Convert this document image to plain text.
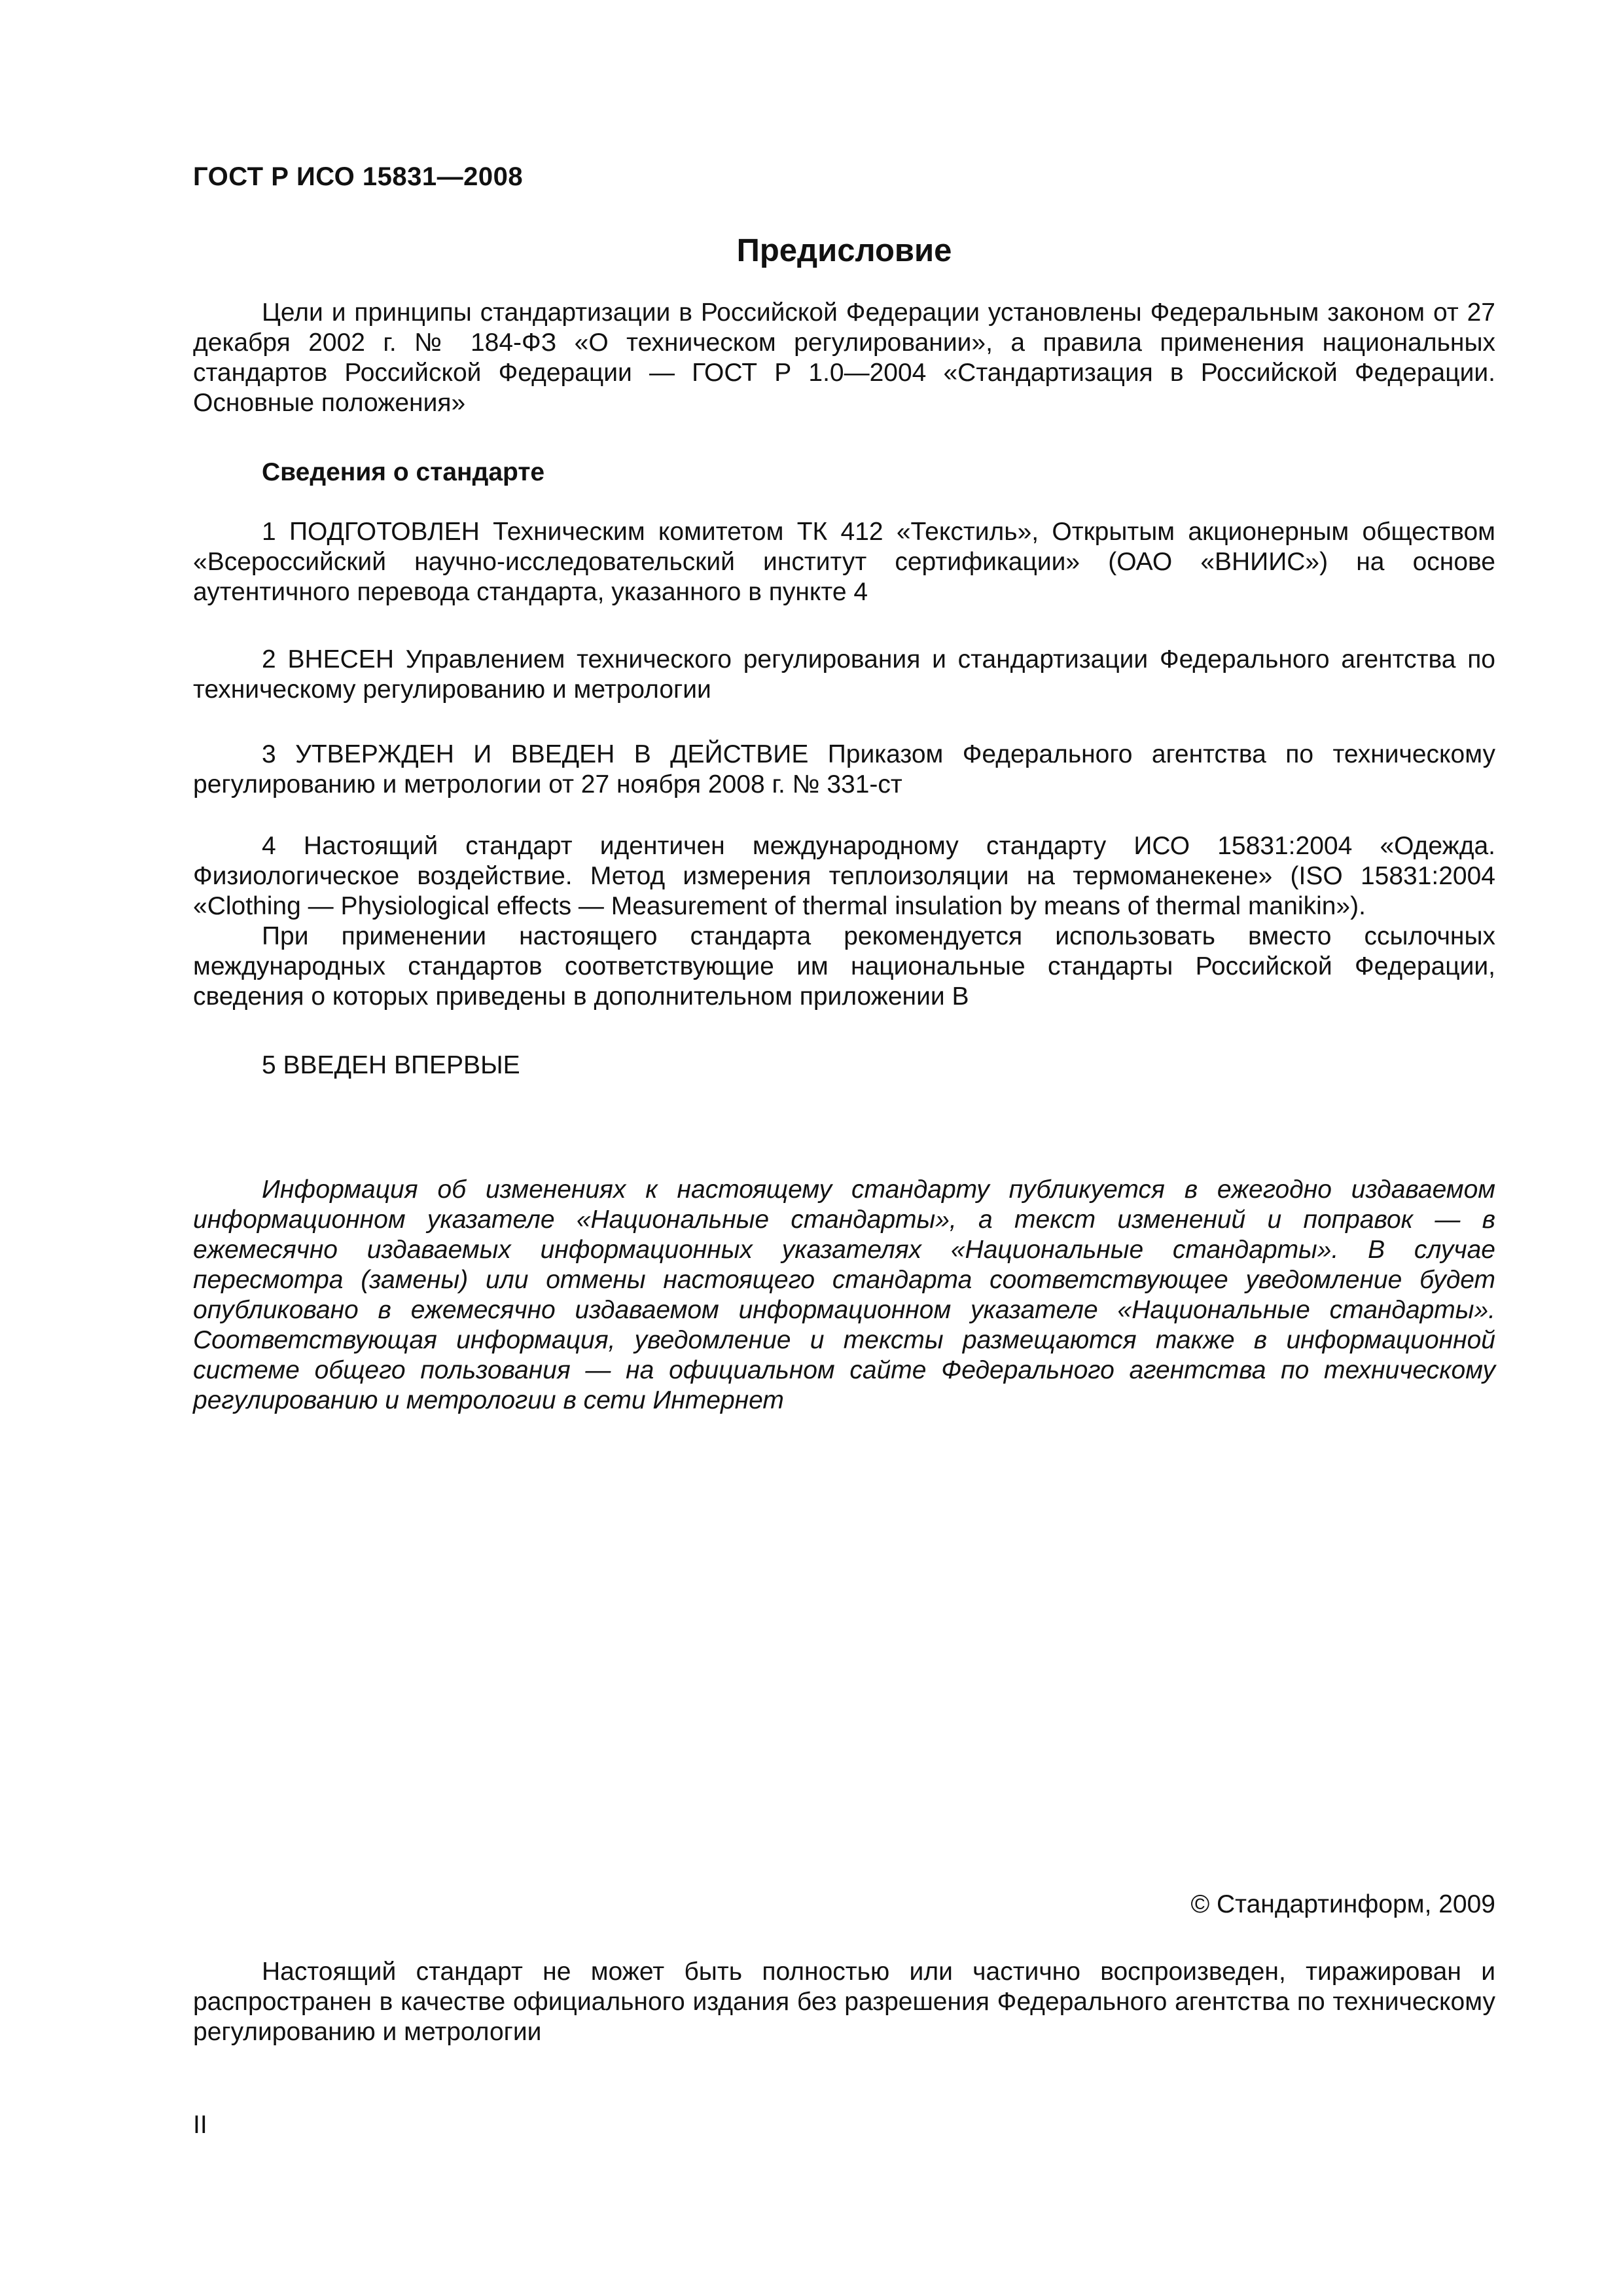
ГОСТ Р ИСО 15831—2008
Предисловие

Цели и принципы стандартизации в Российской Федерации установлены Федеральным законом от 27 декабря 2002 г. № 184-ФЗ «О техническом регулировании», а правила применения национальных стандартов Российской Федерации — ГОСТ Р 1.0—2004 «Стандартизация в Российской Федерации. Основные положения»

Сведения о стандарте

1 ПОДГОТОВЛЕН Техническим комитетом ТК 412 «Текстиль», Открытым акционерным обществом «Всероссийский научно-исследовательский институт сертификации» (ОАО «ВНИИС») на основе аутентичного перевода стандарта, указанного в пункте 4

2 ВНЕСЕН Управлением технического регулирования и стандартизации Федерального агентства по техническому регулированию и метрологии

3 УТВЕРЖДЕН И ВВЕДЕН В ДЕЙСТВИЕ Приказом Федерального агентства по техническому регулированию и метрологии от 27 ноября 2008 г. № 331-ст

4 Настоящий стандарт идентичен международному стандарту ИСО 15831:2004 «Одежда. Физиологическое воздействие. Метод измерения теплоизоляции на термоманекене» (ISO 15831:2004 «Clothing — Physiological effects — Measurement of thermal insulation by means of thermal manikin»).

При применении настоящего стандарта рекомендуется использовать вместо ссылочных международных стандартов соответствующие им национальные стандарты Российской Федерации, сведения о которых приведены в дополнительном приложении В

5 ВВЕДЕН ВПЕРВЫЕ

Информация об изменениях к настоящему стандарту публикуется в ежегодно издаваемом информационном указателе «Национальные стандарты», а текст изменений и поправок — в ежемесячно издаваемых информационных указателях «Национальные стандарты». В случае пересмотра (замены) или отмены настоящего стандарта соответствующее уведомление будет опубликовано в ежемесячно издаваемом информационном указателе «Национальные стандарты». Соответствующая информация, уведомление и тексты размещаются также в информационной системе общего пользования — на официальном сайте Федерального агентства по техническому регулированию и метрологии в сети Интернет

© Стандартинформ, 2009

Настоящий стандарт не может быть полностью или частично воспроизведен, тиражирован и распространен в качестве официального издания без разрешения Федерального агентства по техническому регулированию и метрологии

II
